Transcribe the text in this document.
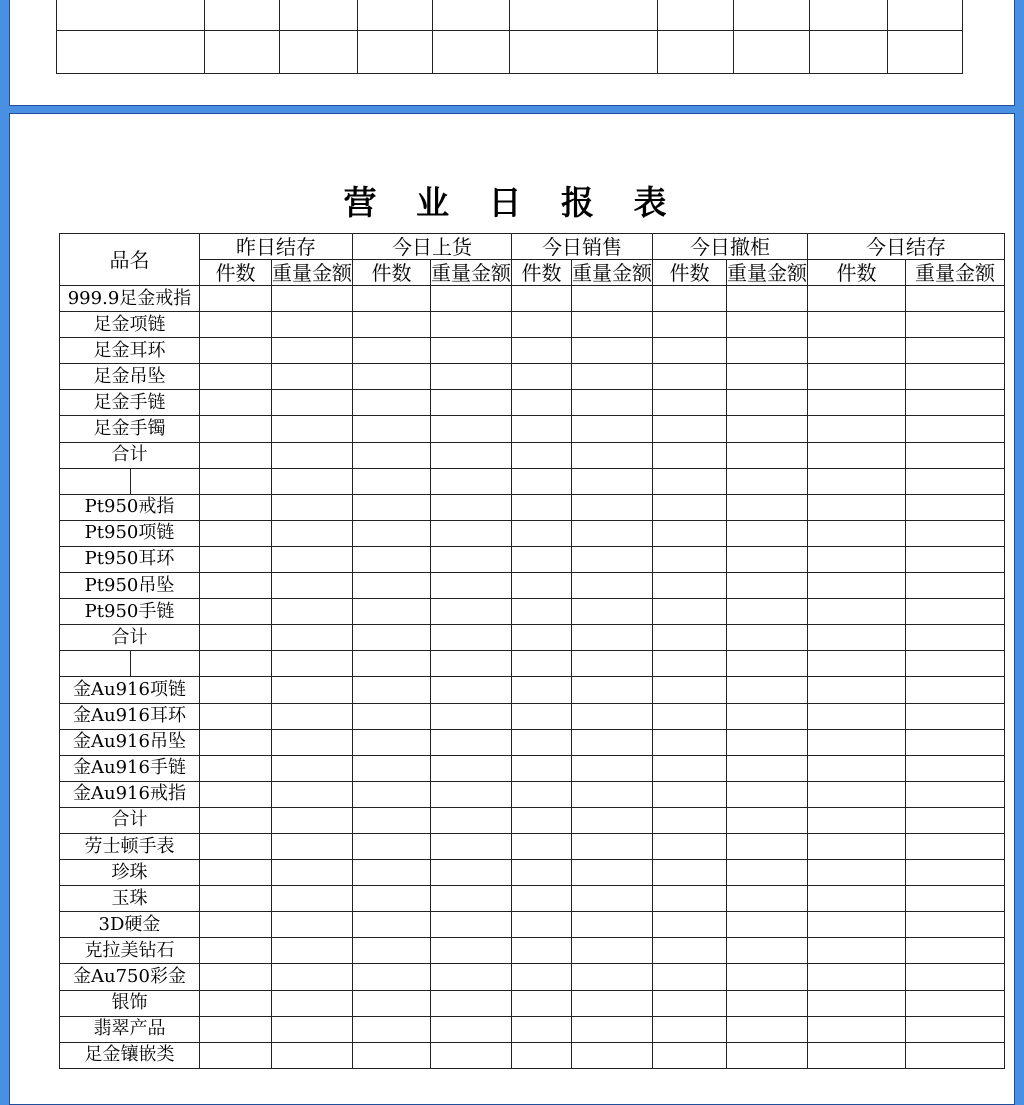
营 业 日 报 表
品名	昨日结存		今日上货		今日销售		今日撤柜		今日结存	
	件数	重量金额	件数	重量金额	件数	重量金额	件数	重量金额	件数	重量金额
999.9足金戒指										
足金项链										
足金耳环										
足金吊坠										
足金手链										
足金手镯										
合计										

Pt950戒指										
Pt950项链										
Pt950耳环										
Pt950吊坠										
Pt950手链										
合计										

金Au916项链										
金Au916耳环										
金Au916吊坠										
金Au916手链										
金Au916戒指										
合计										
劳士顿手表										
珍珠										
玉珠										
3D硬金										
克拉美钻石										
金Au750彩金										
银饰										
翡翠产品										
足金镶嵌类										
